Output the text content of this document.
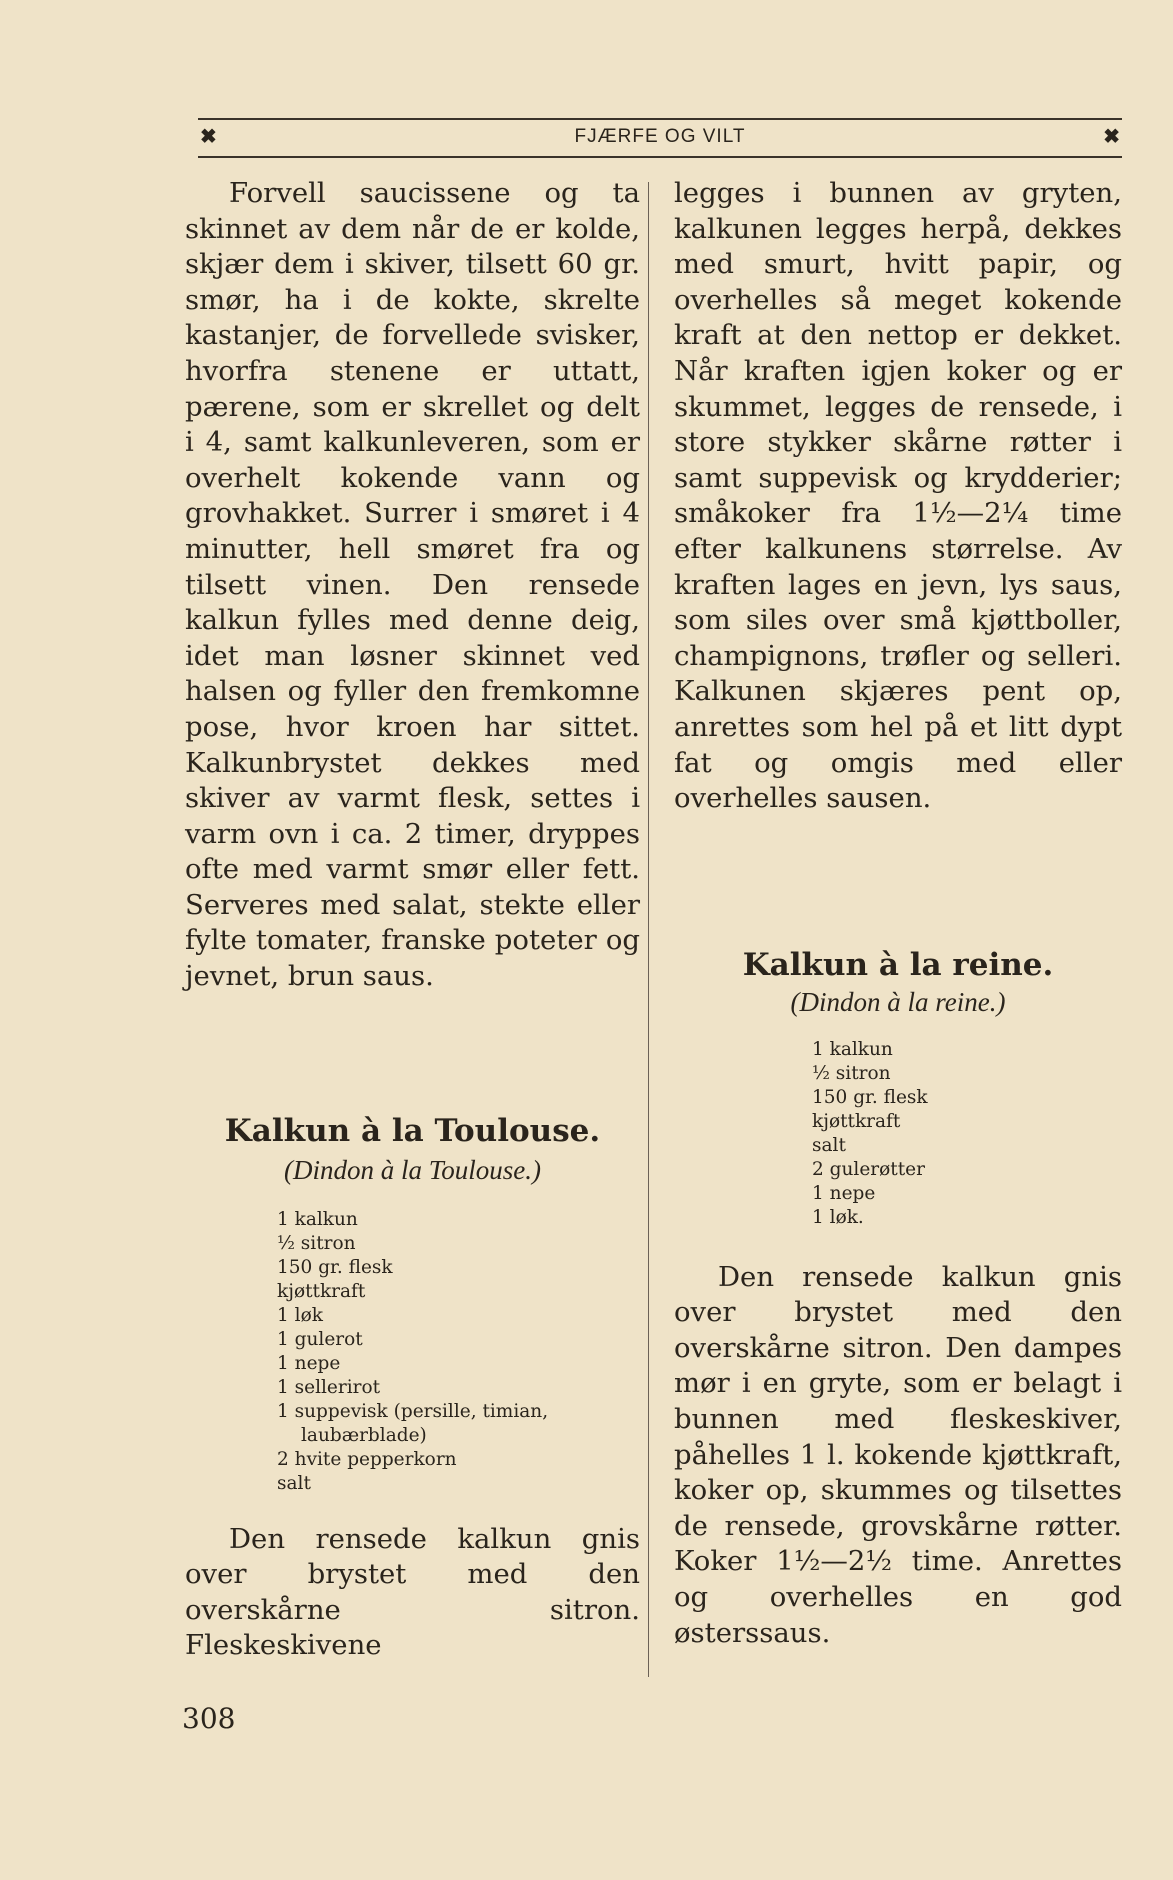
✖	FJÆRFE OG VILT	✖

Forvell saucissene og ta skinnet av dem når de er kolde, skjær dem i skiver, tilsett 60 gr. smør, ha i de kokte, skrelte kastanjer, de forvellede svisker, hvorfra stenene er uttatt, pærene, som er skrellet og delt i 4, samt kalkunleveren, som er overhelt kokende vann og grovhakket. Surrer i smøret i 4 minutter, hell smøret fra og tilsett vinen. Den rensede kalkun fylles med denne deig, idet man løsner skinnet ved halsen og fyller den fremkomne pose, hvor kroen har sittet. Kalkunbrystet dekkes med skiver av varmt flesk, settes i varm ovn i ca. 2 timer, dryppes ofte med varmt smør eller fett. Serveres med salat, stekte eller fylte tomater, franske poteter og jevnet, brun saus.

Kalkun à la Toulouse.

(Dindon à la Toulouse.)

1 kalkun
½ sitron
150 gr. flesk
kjøttkraft
1 løk
1 gulerot
1 nepe
1 sellerirot
1 suppevisk (persille, timian, laubærblade)
2 hvite pepperkorn
salt

Den rensede kalkun gnis over brystet med den overskårne sitron. Fleskeskivene

legges i bunnen av gryten, kalkunen legges herpå, dekkes med smurt, hvitt papir, og overhelles så meget kokende kraft at den nettop er dekket. Når kraften igjen koker og er skummet, legges de rensede, i store stykker skårne røtter i samt suppevisk og krydderier; småkoker fra 1½—2¼ time efter kalkunens størrelse. Av kraften lages en jevn, lys saus, som siles over små kjøttboller, champignons, trøfler og selleri. Kalkunen skjæres pent op, anrettes som hel på et litt dypt fat og omgis med eller overhelles sausen.

Kalkun à la reine.

(Dindon à la reine.)

1 kalkun
½ sitron
150 gr. flesk
kjøttkraft
salt
2 gulerøtter
1 nepe
1 løk.

Den rensede kalkun gnis over brystet med den overskårne sitron. Den dampes mør i en gryte, som er belagt i bunnen med fleskeskiver, påhelles 1 l. kokende kjøttkraft, koker op, skummes og tilsettes de rensede, grovskårne røtter. Koker 1½—2½ time. Anrettes og overhelles en god østerssaus.

308
